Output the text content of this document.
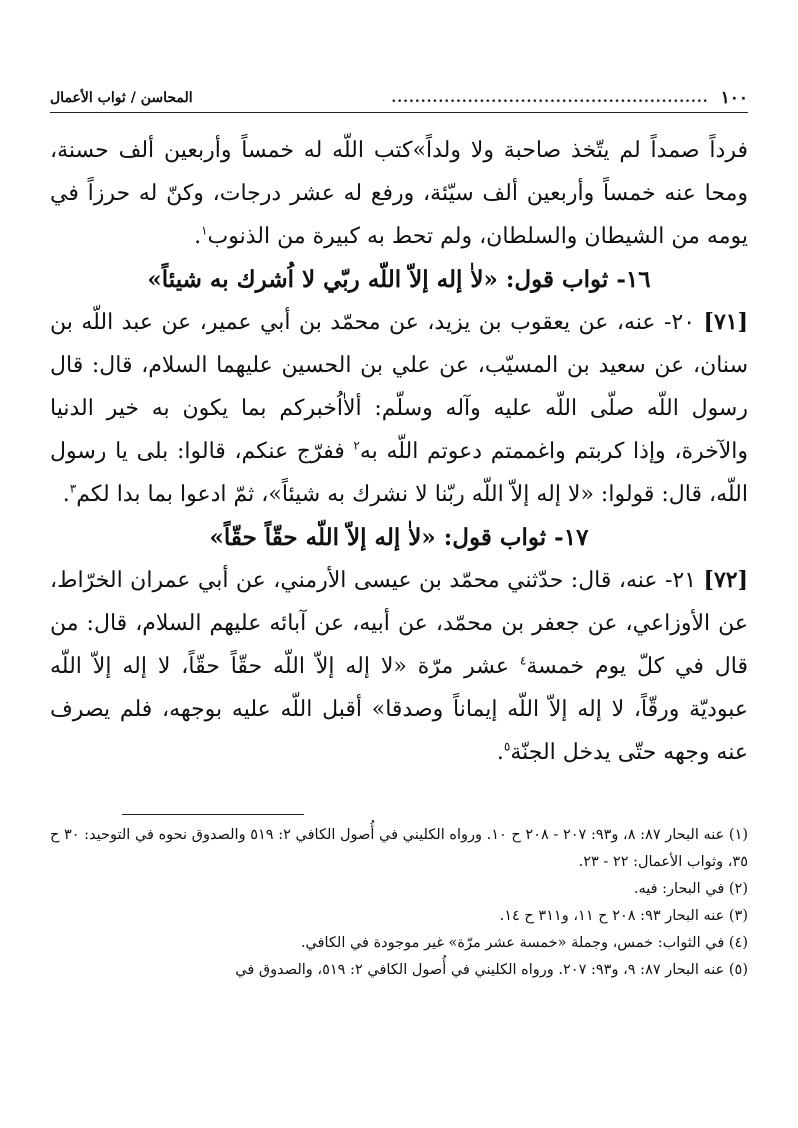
١٠٠
......................................................
المحاسن / ثواب الأعمال

فرداً صمداً لم يتّخذ صاحبة ولا ولداً»كتب اللّه له خمساً وأربعين ألف حسنة، ومحا عنه خمساً وأربعين ألف سيّئة، ورفع له عشر درجات، وكنّ له حرزاً في يومه من الشيطان والسلطان، ولم تحط به كبيرة من الذنوب$^١$.

١٦- ثواب قول: «لاٰ إله إلاّ اللّه ربّي لا اُشرك به شيئاً»

[٧١] ٢٠- عنه، عن يعقوب بن يزيد، عن محمّد بن أبي عمير، عن عبد اللّه بن سنان، عن سعيد بن المسيّب، عن علي بن الحسين عليهما السلام، قال: قال رسول اللّه صلّى اللّه عليه وآله وسلّم: ألاٰاُخبركم بما يكون به خير الدنيا والآخرة، وإذا كربتم واغممتم دعوتم اللّه به$^٢$ ففرّج عنكم، قالوا: بلى يا رسول اللّه، قال: قولوا: «لا إله إلاّ اللّه ربّنا لا نشرك به شيئاً»، ثمّ ادعوا بما بدا لكم$^٣$.

١٧- ثواب قول: «لاٰ إله إلاّ اللّه حقّاً حقّاً»

[٧٢] ٢١- عنه، قال: حدّثني محمّد بن عيسى الأرمني، عن أبي عمران الخرّاط، عن الأوزاعي، عن جعفر بن محمّد، عن أبيه، عن آبائه عليهم السلام، قال: من قال في كلّ يوم خمسة$^٤$ عشر مرّة «لا إله إلاّ اللّه حقّاً حقّاً، لا إله إلاّ اللّه عبوديّة ورقّاً، لا إله إلاّ اللّه إيماناً وصدقا» أقبل اللّه عليه بوجهه، فلم يصرف عنه وجهه حتّى يدخل الجنّة$^٥$.

(١) عنه البحار ٨٧: ٨، و٩٣: ٢٠٧ - ٢٠٨ ح ١٠. ورواه الكليني في أُصول الكافي ٢: ٥١٩ والصدوق نحوه في التوحيد: ٣٠ ح ٣٥، وثواب الأعمال: ٢٢ - ٢٣.

(٢) في البحار: فيه.

(٣) عنه البحار ٩٣: ٢٠٨ ح ١١، و٣١١ ح ١٤.

(٤) في الثواب: خمس، وجملة «خمسة عشر مرّة» غير موجودة في الكافي.

(٥) عنه البحار ٨٧: ٩، و٩٣: ٢٠٧. ورواه الكليني في أُصول الكافي ٢: ٥١٩، والصدوق في
